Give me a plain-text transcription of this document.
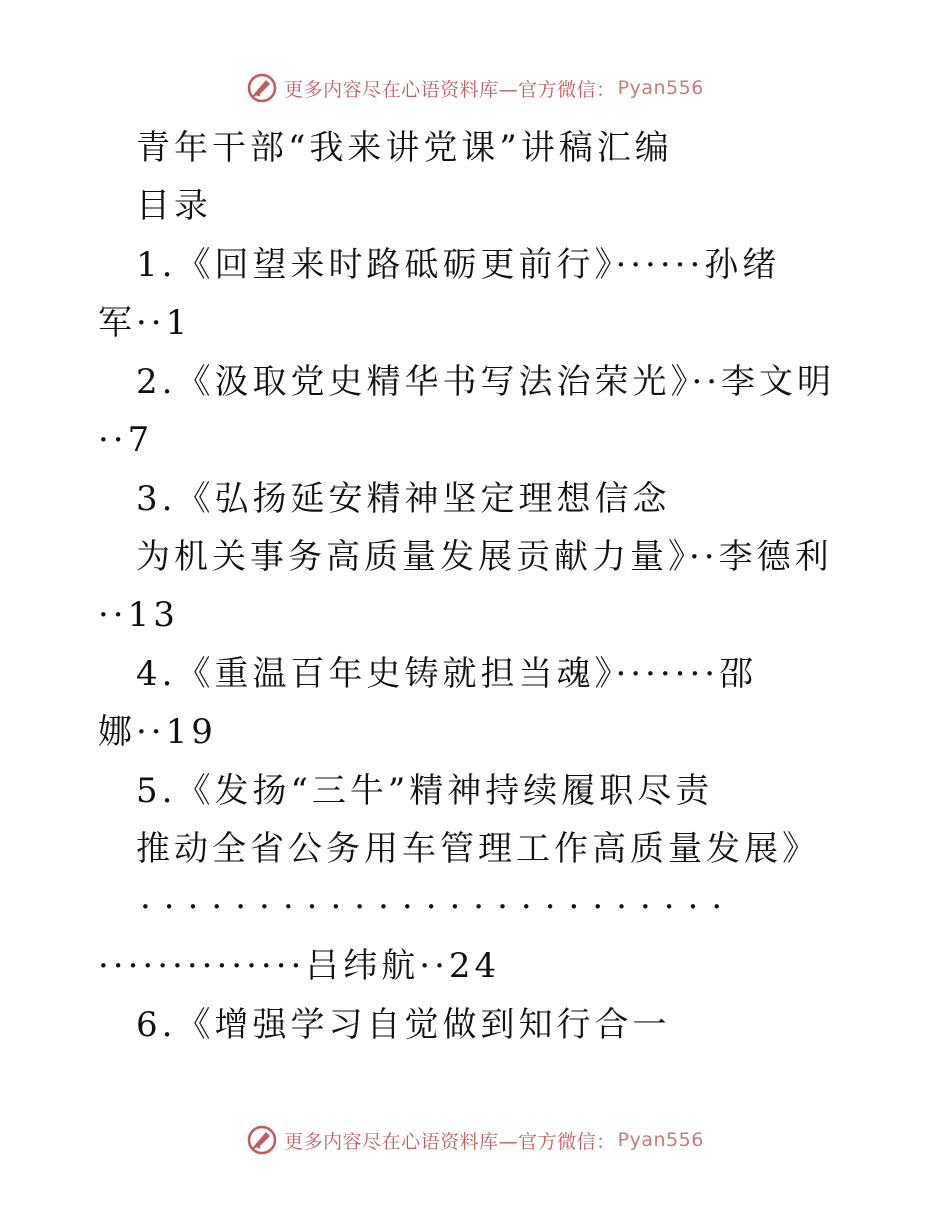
更多内容尽在心语资料库—官方微信： Pyan556
青年干部“我来讲党课”讲稿汇编
目录
1.《回望来时路砥砺更前行》······孙绪
军··1
2.《汲取党史精华书写法治荣光》··李文明
··7
3.《弘扬延安精神坚定理想信念
为机关事务高质量发展贡献力量》··李德利
··13
4.《重温百年史铸就担当魂》·······邵
娜··19
5.《发扬“三牛”精神持续履职尽责
推动全省公务用车管理工作高质量发展》
·························
··············吕纬航··24
6.《增强学习自觉做到知行合一
更多内容尽在心语资料库—官方微信： Pyan556
